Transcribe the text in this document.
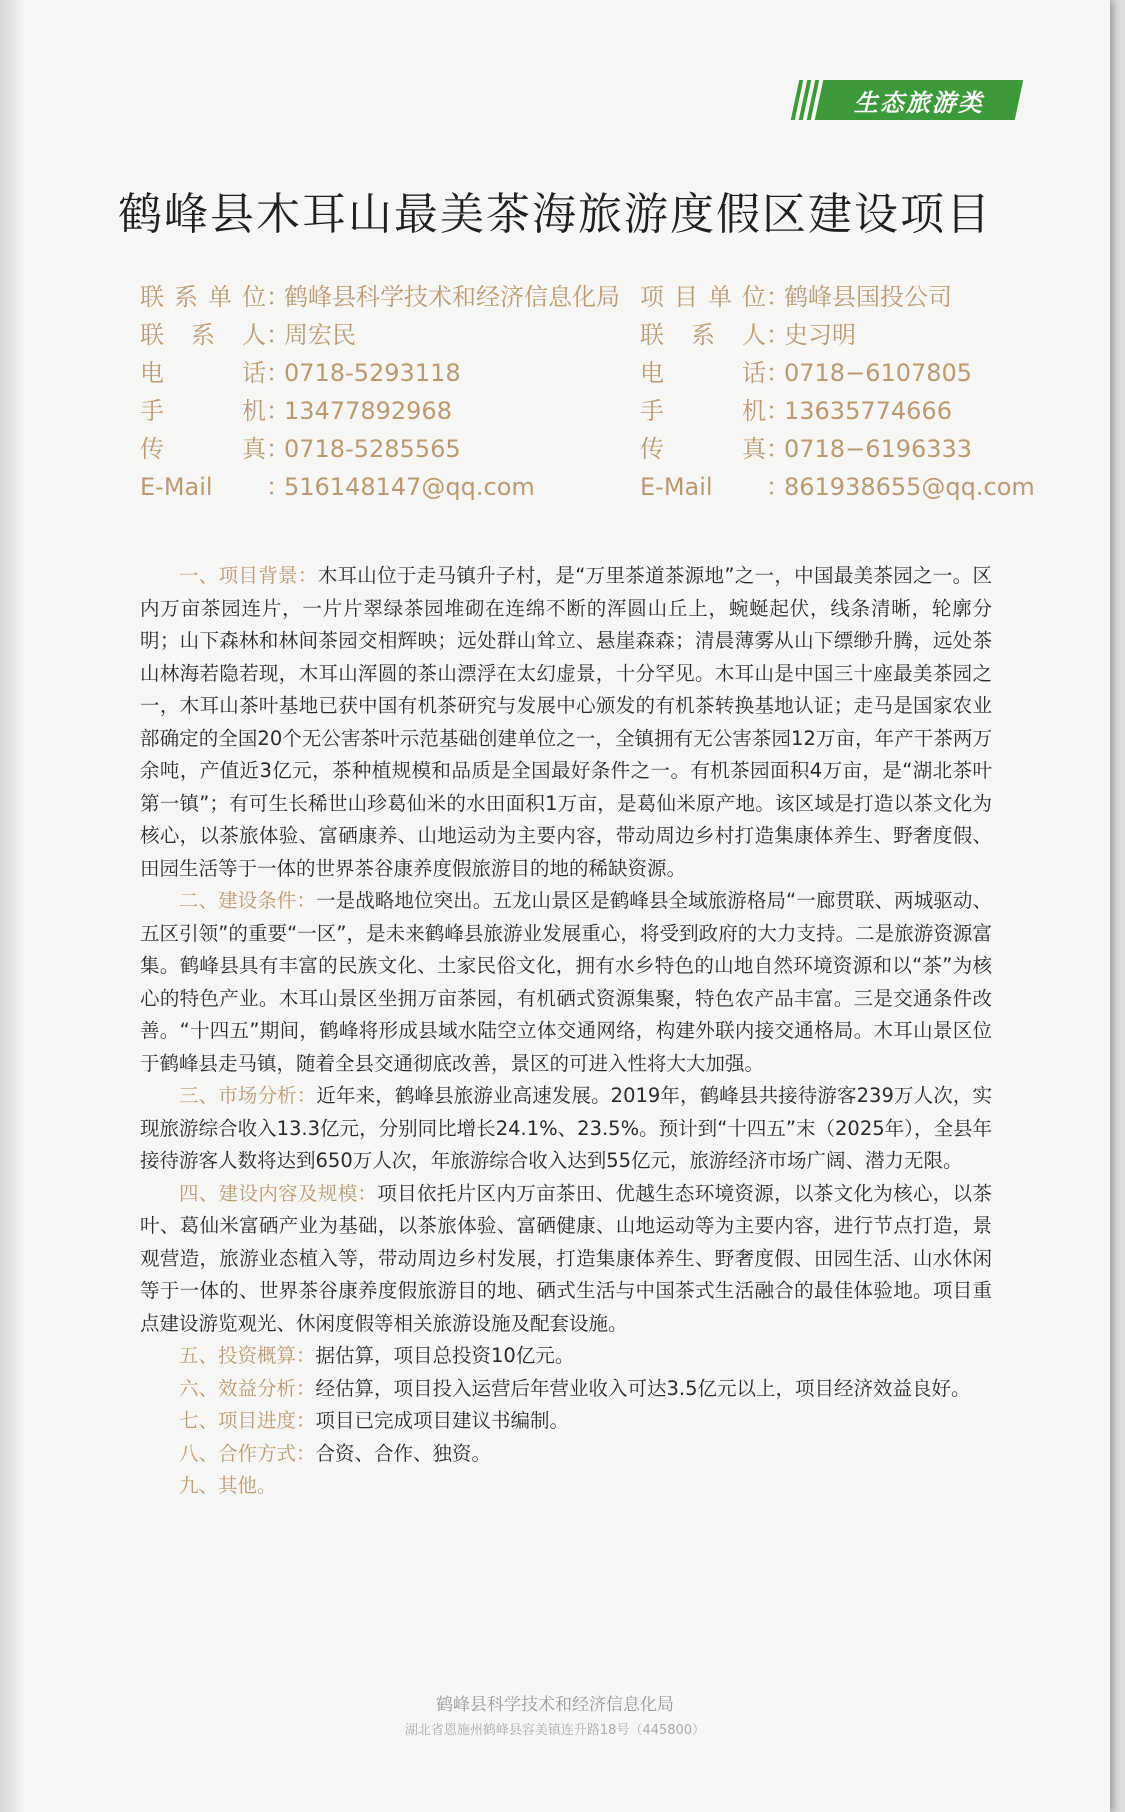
生态旅游类
鹤峰县木耳山最美茶海旅游度假区建设项目
联系单位：鹤峰县科学技术和经济信息化局
联系人：周宏民
电话：0718-5293118
手机：13477892968
传真：0718-5285565
E-Mail ：516148147@qq.com
项目单位：鹤峰县国投公司
联系人：史习明
电话：0718−6107805
手机：13635774666
传真：0718−6196333
E-Mail ：861938655@qq.com

一、项目背景：木耳山位于走马镇升子村，是“万里茶道茶源地”之一，中国最美茶园之一。区内万亩茶园连片，一片片翠绿茶园堆砌在连绵不断的浑圆山丘上，蜿蜒起伏，线条清晰，轮廓分明；山下森林和林间茶园交相辉映；远处群山耸立、悬崖森森；清晨薄雾从山下缥缈升腾，远处茶山林海若隐若现，木耳山浑圆的茶山漂浮在太幻虚景，十分罕见。木耳山是中国三十座最美茶园之一，木耳山茶叶基地已获中国有机茶研究与发展中心颁发的有机茶转换基地认证；走马是国家农业部确定的全国20个无公害茶叶示范基础创建单位之一，全镇拥有无公害茶园12万亩，年产干茶两万余吨，产值近3亿元，茶种植规模和品质是全国最好条件之一。有机茶园面积4万亩，是“湖北茶叶第一镇”；有可生长稀世山珍葛仙米的水田面积1万亩，是葛仙米原产地。该区域是打造以茶文化为核心，以茶旅体验、富硒康养、山地运动为主要内容，带动周边乡村打造集康体养生、野奢度假、田园生活等于一体的世界茶谷康养度假旅游目的地的稀缺资源。

二、建设条件：一是战略地位突出。五龙山景区是鹤峰县全域旅游格局“一廊贯联、两城驱动、五区引领”的重要“一区”，是未来鹤峰县旅游业发展重心，将受到政府的大力支持。二是旅游资源富集。鹤峰县具有丰富的民族文化、土家民俗文化，拥有水乡特色的山地自然环境资源和以“茶”为核心的特色产业。木耳山景区坐拥万亩茶园，有机硒式资源集聚，特色农产品丰富。三是交通条件改善。“十四五”期间，鹤峰将形成县域水陆空立体交通网络，构建外联内接交通格局。木耳山景区位于鹤峰县走马镇，随着全县交通彻底改善，景区的可进入性将大大加强。

三、市场分析：近年来，鹤峰县旅游业高速发展。2019年，鹤峰县共接待游客239万人次，实现旅游综合收入13.3亿元，分别同比增长24.1%、23.5%。预计到“十四五”末（2025年），全县年接待游客人数将达到650万人次，年旅游综合收入达到55亿元，旅游经济市场广阔、潜力无限。

四、建设内容及规模：项目依托片区内万亩茶田、优越生态环境资源，以茶文化为核心，以茶叶、葛仙米富硒产业为基础，以茶旅体验、富硒健康、山地运动等为主要内容，进行节点打造，景观营造，旅游业态植入等，带动周边乡村发展，打造集康体养生、野奢度假、田园生活、山水休闲等于一体的、世界茶谷康养度假旅游目的地、硒式生活与中国茶式生活融合的最佳体验地。项目重点建设游览观光、休闲度假等相关旅游设施及配套设施。

五、投资概算：据估算，项目总投资10亿元。

六、效益分析：经估算，项目投入运营后年营业收入可达3.5亿元以上，项目经济效益良好。

七、项目进度：项目已完成项目建议书编制。

八、合作方式：合资、合作、独资。

九、其他。

鹤峰县科学技术和经济信息化局
湖北省恩施州鹤峰县容美镇连升路18号（445800）
